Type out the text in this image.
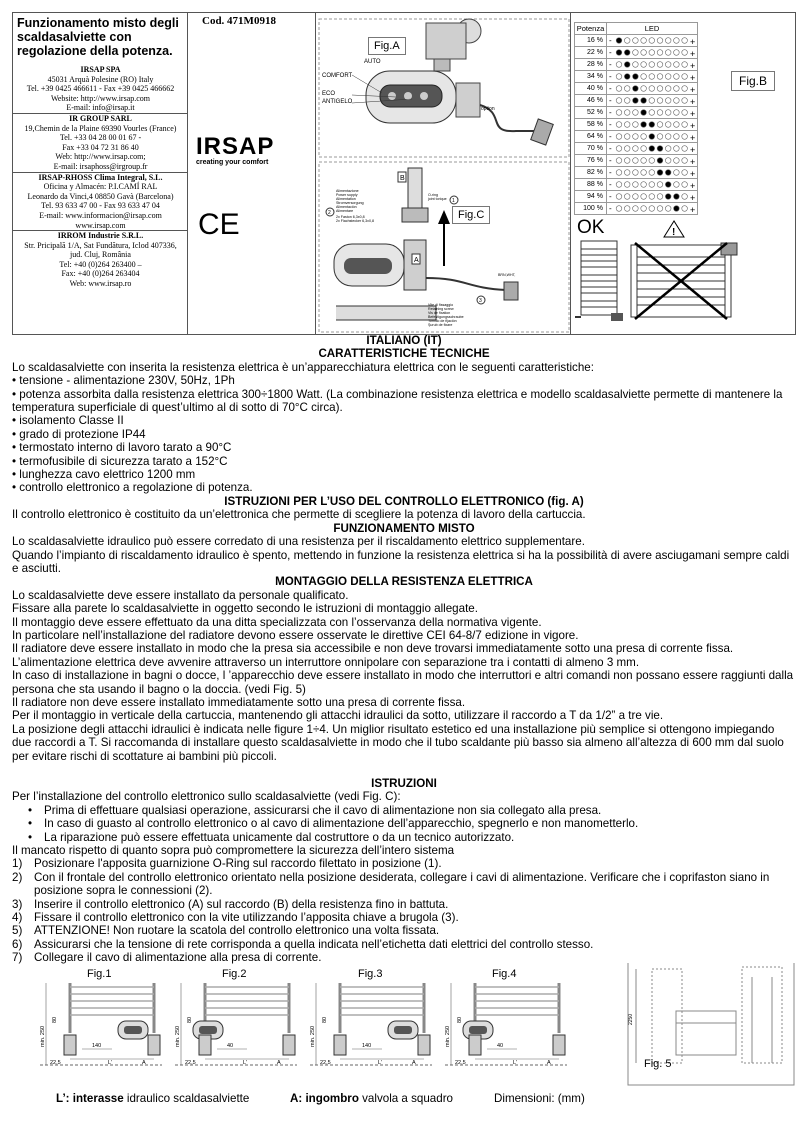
Funzionamento misto degli scaldasalviette con regolazione della potenza.
IRSAP SPA
45031 Arquà Polesine (RO) Italy
Tel. +39 0425 466611 - Fax +39 0425 466662
Website: http://www.irsap.com
E-mail: info@irsap.it
IR GROUP SARL
19,Chemin de la Plaine 69390 Vourles (France)
Tel. +33 04 28 00 01 67 -
Fax +33 04 72 31 86 40
Web: http://www.irsap.com;
E-mail: irsaphoss@irgroup.fr
IRSAP-RHOSS Clima Integral, S.L.
Oficina y Almacén: P.I.CAMÍ RAL
Leonardo da Vinci,4 08850 Gavà (Barcelona)
Tel. 93 633 47 00 - Fax 93 633 47 04
E-mail: www.informacion@irsap.com
www.irsap.com
IRROM Industrie S.R.L.
Str. Pricipală 1/A, Sat Fundătura, Iclod 407336,
jud. Cluj, România
Tel: +40 (0)264 263400 –
Fax: +40 (0)264 263404
Web: www.irsap.ro
Cod. 471M0918
IRSAP
creating your comfort
CE
AUTO
COMFORT
ECO
ANTIGELO
option
Fig.A
B
A
1
2
3
Alimentazione
Power supply
Alimentation
Stromversorgung
Alimentación
Alimentare
2x Faston 6,3x0,8
2x Flachstecker 6,3x0,8
O-ring
joint torique
BRN,WHT,
Vite di fissaggio
Retaining screw
Vis de fixation
Befestigungsschraube
Tornillo de fijación
Şurub de fixare
Fig.C
Potenza	LED
16 %	- +

22 %	- +

28 %	- +

34 %	- +

40 %	- +

46 %	- +

52 %	- +

58 %	- +

64 %	- +

70 %	- +

76 %	- +

82 %	- +

88 %	- +

94 %	- +

100 %	- +
Fig.B
OK	!
ITALIANO (IT)
CARATTERISTICHE TECNICHE

Lo scaldasalviette con inserita la resistenza elettrica è un’apparecchiatura elettrica con le seguenti caratteristiche:

• tensione - alimentazione 230V, 50Hz, 1Ph

• potenza assorbita dalla resistenza elettrica 300÷1800 Watt. (La combinazione resistenza elettrica e modello scaldasalviette permette di mantenere la temperatura superficiale di quest’ultimo al di sotto di 70°C circa).

• isolamento Classe II

• grado di protezione IP44

• termostato interno di lavoro tarato a 90°C

• termofusibile di sicurezza tarato a 152°C

• lunghezza cavo elettrico 1200 mm

• controllo elettronico a regolazione di potenza.

ISTRUZIONI PER L’USO DEL CONTROLLO ELETTRONICO (fig. A)

Il controllo elettronico è costituito da un’elettronica che permette di scegliere la potenza di lavoro della cartuccia.

FUNZIONAMENTO MISTO

Lo scaldasalviette idraulico può essere corredato di una resistenza per il riscaldamento elettrico supplementare.

Quando l’impianto di riscaldamento idraulico è spento, mettendo in funzione la resistenza elettrica si ha la possibilità di avere asciugamani sempre caldi e asciutti.

MONTAGGIO DELLA RESISTENZA ELETTRICA

Lo scaldasalviette deve essere installato da personale qualificato.

Fissare alla parete lo scaldasalviette in oggetto secondo le istruzioni di montaggio allegate.

Il montaggio deve essere effettuato da una ditta specializzata con l’osservanza della normativa vigente.

In particolare nell’installazione del radiatore devono essere osservate le direttive CEI 64-8/7 edizione in vigore.

Il radiatore deve essere installato in modo che la presa sia accessibile e non deve trovarsi immediatamente sotto una presa di corrente fissa.

L’alimentazione elettrica deve avvenire attraverso un interruttore onnipolare con separazione tra i contatti di almeno 3 mm.

In caso di installazione in bagni o docce, l ’apparecchio deve essere installato in modo che interruttori e altri comandi non possano essere raggiunti dalla persona che sta usando il bagno o la doccia. (vedi Fig. 5)

Il radiatore non deve essere installato immediatamente sotto una presa di corrente fissa.

Per il montaggio in verticale della cartuccia, mantenendo gli attacchi idraulici da sotto, utilizzare il raccordo a T da 1/2” a tre vie.

La posizione degli attacchi idraulici è indicata nelle figure 1÷4. Un miglior risultato estetico ed una installazione più semplice si ottengono impiegando due raccordi a T. Si raccomanda di installare questo scaldasalviette in modo che il tubo scaldante più basso sia almeno all’altezza di 600 mm dal suolo per evitare rischi di scottature ai bambini più piccoli.

ISTRUZIONI

Per l’installazione del controllo elettronico sullo scaldasalviette (vedi Fig. C):

• Prima di effettuare qualsiasi operazione, assicurarsi che il cavo di alimentazione non sia collegato alla presa.
• In caso di guasto al controllo elettronico o al cavo di alimentazione dell’apparecchio, spegnerlo e non manometterlo.
• La riparazione può essere effettuata unicamente dal costruttore o da un tecnico autorizzato.

Il mancato rispetto di quanto sopra può compromettere la sicurezza dell’intero sistema

1) Posizionare l'apposita guarnizione O-Ring sul raccordo filettato in posizione (1).
2) Con il frontale del controllo elettronico orientato nella posizione desiderata, collegare i cavi di alimentazione. Verificare che i coprifaston siano in posizione sopra le connessioni (2).
3) Inserire il controllo elettronico (A) sul raccordo (B) della resistenza fino in battuta.
4) Fissare il controllo elettronico con la vite utilizzando l’apposita chiave a brugola (3).
5) ATTENZIONE! Non ruotare la scatola del controllo elettronico una volta fissata.
6) Assicurarsi che la tensione di rete corrisponda a quella indicata nell’etichetta dati elettrici del controllo stesso.
7) Collegare il cavo di alimentazione alla presa di corrente.
Fig.1	Fig.2	Fig.3	Fig.4
min. 250	140
L'	A
22,5
80
min. 250	40
L'	A
22,5
80
min. 250	140
L'	A
22,5
80
min. 250	40
L'	A
22,5
80	2250
Fig. 5
L’: interasse idraulico scaldasalviette	A: ingombro valvola a squadro	Dimensioni: (mm)
